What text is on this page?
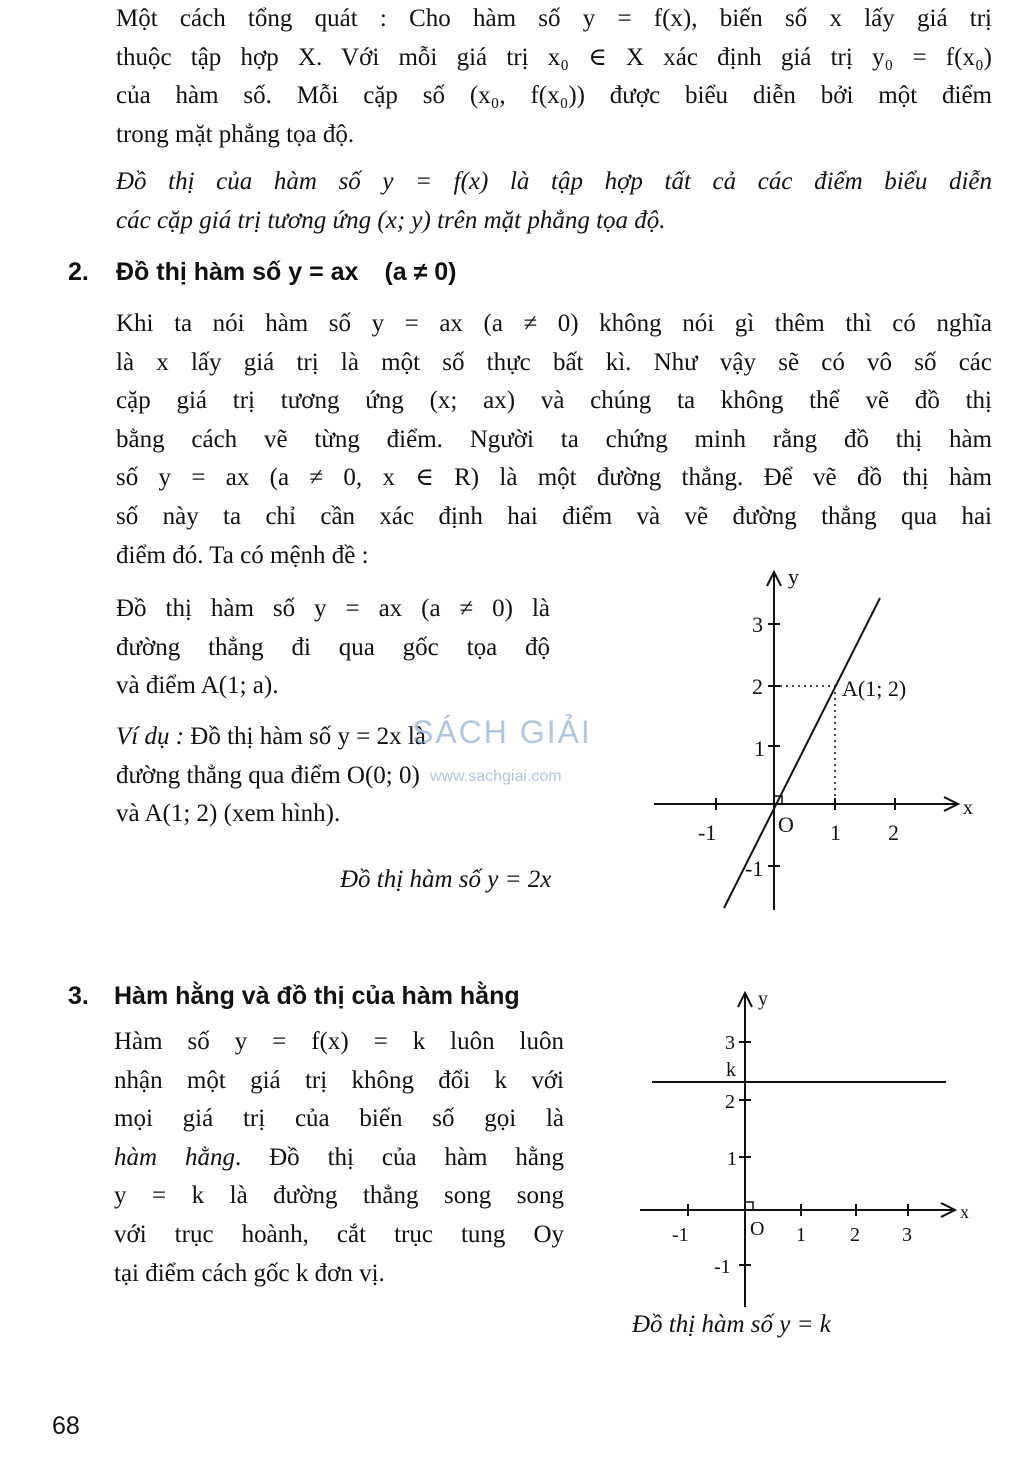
Một cách tổng quát : Cho hàm số y = f(x), biến số x lấy giá trị
thuộc tập hợp X. Với mỗi giá trị x₀ ∈ X xác định giá trị y₀ = f(x₀)
của hàm số. Mỗi cặp số (x₀, f(x₀)) được biểu diễn bởi một điểm
trong mặt phẳng tọa độ.
Đồ thị của hàm số y = f(x) là tập hợp tất cả các điểm biểu diễn
các cặp giá trị tương ứng (x; y) trên mặt phẳng tọa độ.
2. Đồ thị hàm số y = ax (a ≠ 0)
Khi ta nói hàm số y = ax (a ≠ 0) không nói gì thêm thì có nghĩa
là x lấy giá trị là một số thực bất kì. Như vậy sẽ có vô số các
cặp giá trị tương ứng (x; ax) và chúng ta không thể vẽ đồ thị
bằng cách vẽ từng điểm. Người ta chứng minh rằng đồ thị hàm
số y = ax (a ≠ 0, x ∈ R) là một đường thẳng. Để vẽ đồ thị hàm
số này ta chỉ cần xác định hai điểm và vẽ đường thẳng qua hai
điểm đó. Ta có mệnh đề :
Đồ thị hàm số y = ax (a ≠ 0) là
đường thẳng đi qua gốc tọa độ
và điểm A(1; a).
Ví dụ : Đồ thị hàm số y = 2x là
đường thẳng qua điểm O(0; 0)
và A(1; 2) (xem hình).
Đồ thị hàm số y = 2x
y
x
-1	1 2
3
2
1
-1
O
A(1; 2)
SÁCH GIẢI
www.sachgiai.com
3. Hàm hằng và đồ thị của hàm hằng
Hàm số y = f(x) = k luôn luôn
nhận một giá trị không đổi k với
mọi giá trị của biến số gọi là
hàm hằng. Đồ thị của hàm hằng
y = k là đường thẳng song song
với trục hoành, cắt trục tung Oy
tại điểm cách gốc k đơn vị.
y
x
-1	1 2 3
3
2
1
-1
k
O
Đồ thị hàm số y = k
68
